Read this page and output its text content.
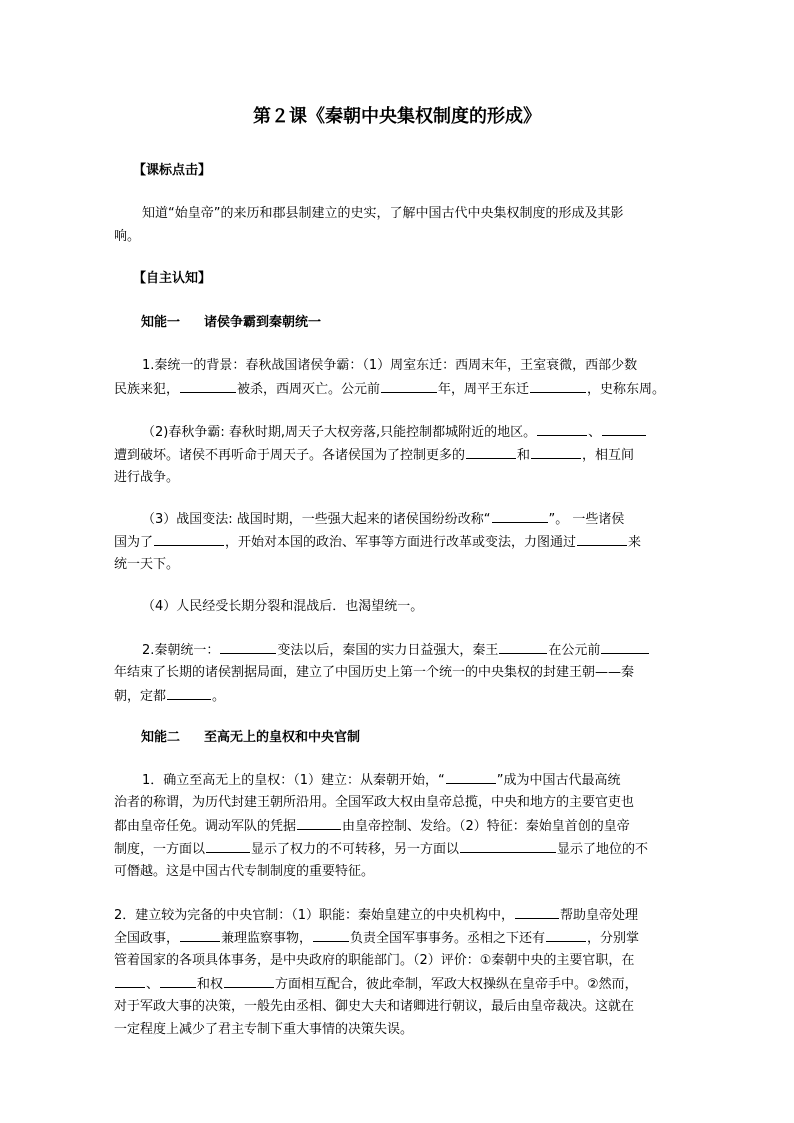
第２课《秦朝中央集权制度的形成》
【课标点击】
知道“始皇帝”的来历和郡县制建立的史实，了解中国古代中央集权制度的形成及其影
响。
【自主认知】
知能一 诸侯争霸到秦朝统一
1.秦统一的背景：春秋战国诸侯争霸：（1）周室东迁：西周末年，王室衰微，西部少数
民族来犯，	被杀，西周灭亡。公元前	年，周平王东迁	，史称东周。
（2)春秋争霸: 春秋时期,周天子大权旁落,只能控制都城附近的地区。	、
遭到破坏。诸侯不再听命于周天子。各诸侯国为了控制更多的	和	，相互间
进行战争。
（3）战国变法: 战国时期，一些强大起来的诸侯国纷纷改称“	”。 一些诸侯
国为了	，开始对本国的政治、军事等方面进行改革或变法，力图通过	来
统一天下。
（4）人民经受长期分裂和混战后．也渴望统一。
2.秦朝统一：	变法以后，秦国的实力日益强大，秦王	在公元前
年结束了长期的诸侯割据局面，建立了中国历史上第一个统一的中央集权的封建王朝——秦
朝，定都	。
知能二 至高无上的皇权和中央官制
1．确立至高无上的皇权：（1）建立：从秦朝开始，“	”成为中国古代最高统
治者的称谓，为历代封建王朝所沿用。全国军政大权由皇帝总揽，中央和地方的主要官吏也
都由皇帝任免。调动军队的凭据	由皇帝控制、发给。（2）特征：秦始皇首创的皇帝
制度，一方面以	显示了权力的不可转移，另一方面以	显示了地位的不
可僭越。这是中国古代专制制度的重要特征。
2．建立较为完备的中央官制：（1）职能：秦始皇建立的中央机构中，	帮助皇帝处理
全国政事，	兼理监察事物，	负责全国军事事务。丞相之下还有	，分别掌
管着国家的各项具体事务，是中央政府的职能部门。（2）评价：①秦朝中央的主要官职，在
、	和权	方面相互配合，彼此牵制，军政大权操纵在皇帝手中。②然而，
对于军政大事的决策，一般先由丞相、御史大夫和诸卿进行朝议，最后由皇帝裁决。这就在
一定程度上减少了君主专制下重大事情的决策失误。
